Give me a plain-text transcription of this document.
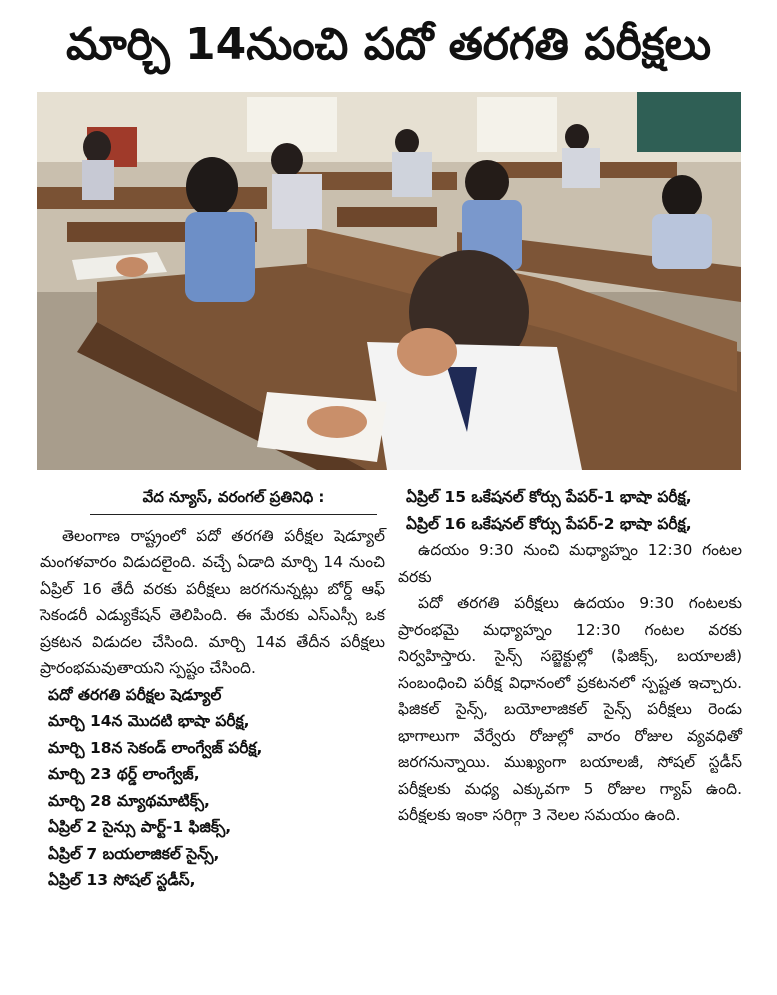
మార్చి 14నుంచి పదో తరగతి పరీక్షలు
వేద న్యూస్, వరంగల్ ప్రతినిధి :

తెలంగాణ రాష్ట్రంలో పదో తరగతి పరీక్షల షెడ్యూల్ మంగళవారం విడుదలైంది. వచ్చే ఏడాది మార్చి 14 నుంచి ఏప్రిల్ 16 తేదీ వరకు పరీక్షలు జరగనున్నట్లు బోర్డ్ ఆఫ్ సెకండరీ ఎడ్యుకేషన్ తెలిపింది. ఈ మేరకు ఎస్ఎస్సీ ఒక ప్రకటన విడుదల చేసింది. మార్చి 14వ తేదీన పరీక్షలు ప్రారంభమవుతాయని స్పష్టం చేసింది.

పదో తరగతి పరీక్షల షెడ్యూల్
మార్చి 14న మొదటి భాషా పరీక్ష,
మార్చి 18న సెకండ్ లాంగ్వేజ్ పరీక్ష,
మార్చి 23 థర్డ్ లాంగ్వేజ్,
మార్చి 28 మ్యాథమాటిక్స్,
ఏప్రిల్ 2 సైన్సు పార్ట్-1 ఫిజిక్స్,
ఏప్రిల్ 7 బయలాజికల్ సైన్స్,
ఏప్రిల్ 13 సోషల్ స్టడీస్,

ఏప్రిల్ 15 ఒకేషనల్ కోర్సు పేపర్-1 భాషా పరీక్ష,

ఏప్రిల్ 16 ఒకేషనల్ కోర్సు పేపర్-2 భాషా పరీక్ష,

ఉదయం 9:30 నుంచి మధ్యాహ్నం 12:30 గంటల వరకు

పదో తరగతి పరీక్షలు ఉదయం 9:30 గంటలకు ప్రారంభమై మధ్యాహ్నం 12:30 గంటల వరకు నిర్వహిస్తారు. సైన్స్ సబ్జెక్టుల్లో (ఫిజిక్స్, బయాలజీ) సంబంధించి పరీక్ష విధానంలో ప్రకటనలో స్పష్టత ఇచ్చారు. ఫిజికల్ సైన్స్, బయోలాజికల్ సైన్స్ పరీక్షలు రెండు భాగాలుగా వేర్వేరు రోజుల్లో వారం రోజుల వ్యవధితో జరగనున్నాయి. ముఖ్యంగా బయాలజీ, సోషల్ స్టడీస్ పరీక్షలకు మధ్య ఎక్కువగా 5 రోజుల గ్యాప్ ఉంది. పరీక్షలకు ఇంకా సరిగ్గా 3 నెలల సమయం ఉంది.
